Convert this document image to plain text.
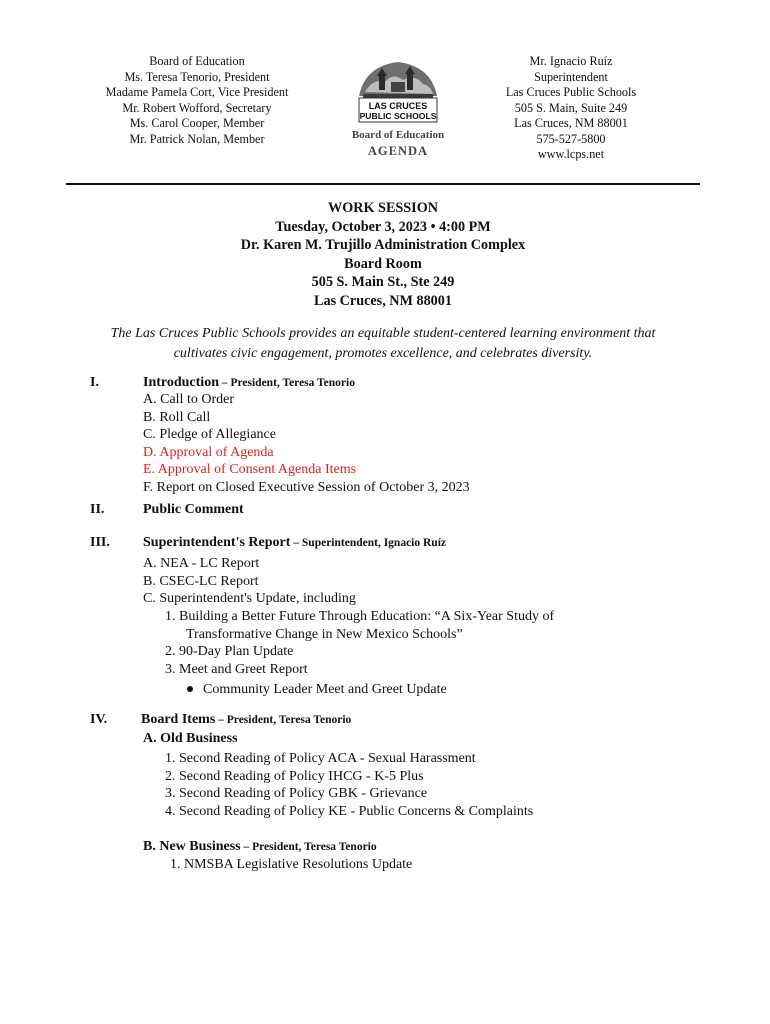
Board of Education
Ms. Teresa Tenorio, President
Madame Pamela Cort, Vice President
Mr. Robert Wofford, Secretary
Ms. Carol Cooper, Member
Mr. Patrick Nolan, Member
LAS CRUCES
PUBLIC SCHOOLS
Board of Education
AGENDA
Mr. Ignacio Ruíz
Superintendent
Las Cruces Public Schools
505 S. Main, Suite 249
Las Cruces, NM 88001
575-527-5800
www.lcps.net
WORK SESSION
Tuesday, October 3, 2023 • 4:00 PM
Dr. Karen M. Trujillo Administration Complex
Board Room
505 S. Main St., Ste 249
Las Cruces, NM 88001
The Las Cruces Public Schools provides an equitable student-centered learning environment that
cultivates civic engagement, promotes excellence, and celebrates diversity.
I.	Introduction – President, Teresa Tenorio
A. Call to Order
B. Roll Call
C. Pledge of Allegiance
D. Approval of Agenda
E. Approval of Consent Agenda Items
F. Report on Closed Executive Session of October 3, 2023
II.	Public Comment
III. Superintendent's Report – Superintendent, Ignacio Ruíz
A. NEA - LC Report
B. CSEC-LC Report
C. Superintendent's Update, including
1. Building a Better Future Through Education: “A Six-Year Study of
Transformative Change in New Mexico Schools”
2. 90-Day Plan Update
3. Meet and Greet Report
Community Leader Meet and Greet Update
IV. Board Items – President, Teresa Tenorio
A. Old Business
1. Second Reading of Policy ACA - Sexual Harassment
2. Second Reading of Policy IHCG - K-5 Plus
3. Second Reading of Policy GBK - Grievance
4. Second Reading of Policy KE - Public Concerns & Complaints
B. New Business – President, Teresa Tenorio
1. NMSBA Legislative Resolutions Update
